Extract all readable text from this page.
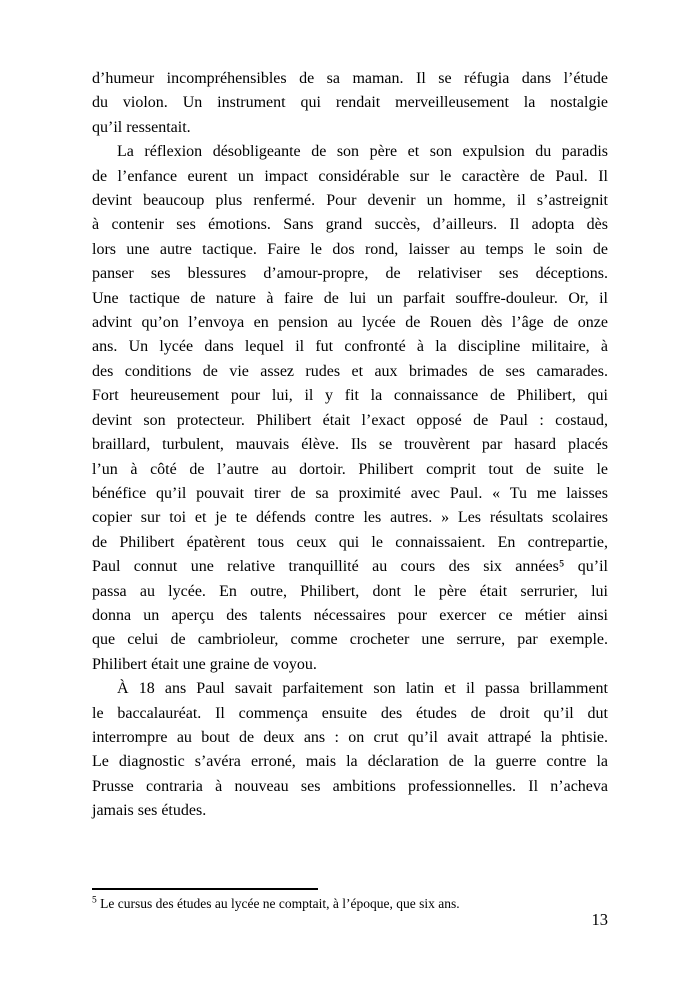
d’humeur incompréhensibles de sa maman. Il se réfugia dans l’étude
du violon. Un instrument qui rendait merveilleusement la nostalgie
qu’il ressentait.
La réflexion désobligeante de son père et son expulsion du paradis
de l’enfance eurent un impact considérable sur le caractère de Paul. Il
devint beaucoup plus renfermé. Pour devenir un homme, il s’astreignit
à contenir ses émotions. Sans grand succès, d’ailleurs. Il adopta dès
lors une autre tactique. Faire le dos rond, laisser au temps le soin de
panser ses blessures d’amour-propre, de relativiser ses déceptions.
Une tactique de nature à faire de lui un parfait souffre-douleur. Or, il
advint qu’on l’envoya en pension au lycée de Rouen dès l’âge de onze
ans. Un lycée dans lequel il fut confronté à la discipline militaire, à
des conditions de vie assez rudes et aux brimades de ses camarades.
Fort heureusement pour lui, il y fit la connaissance de Philibert, qui
devint son protecteur. Philibert était l’exact opposé de Paul : costaud,
braillard, turbulent, mauvais élève. Ils se trouvèrent par hasard placés
l’un à côté de l’autre au dortoir. Philibert comprit tout de suite le
bénéfice qu’il pouvait tirer de sa proximité avec Paul. « Tu me laisses
copier sur toi et je te défends contre les autres. » Les résultats scolaires
de Philibert épatèrent tous ceux qui le connaissaient. En contrepartie,
Paul connut une relative tranquillité au cours des six années⁵ qu’il
passa au lycée. En outre, Philibert, dont le père était serrurier, lui
donna un aperçu des talents nécessaires pour exercer ce métier ainsi
que celui de cambrioleur, comme crocheter une serrure, par exemple.
Philibert était une graine de voyou.
À 18 ans Paul savait parfaitement son latin et il passa brillamment
le baccalauréat. Il commença ensuite des études de droit qu’il dut
interrompre au bout de deux ans : on crut qu’il avait attrapé la phtisie.
Le diagnostic s’avéra erroné, mais la déclaration de la guerre contre la
Prusse contraria à nouveau ses ambitions professionnelles. Il n’acheva
jamais ses études.
$^5$ Le cursus des études au lycée ne comptait, à l’époque, que six ans.
13
